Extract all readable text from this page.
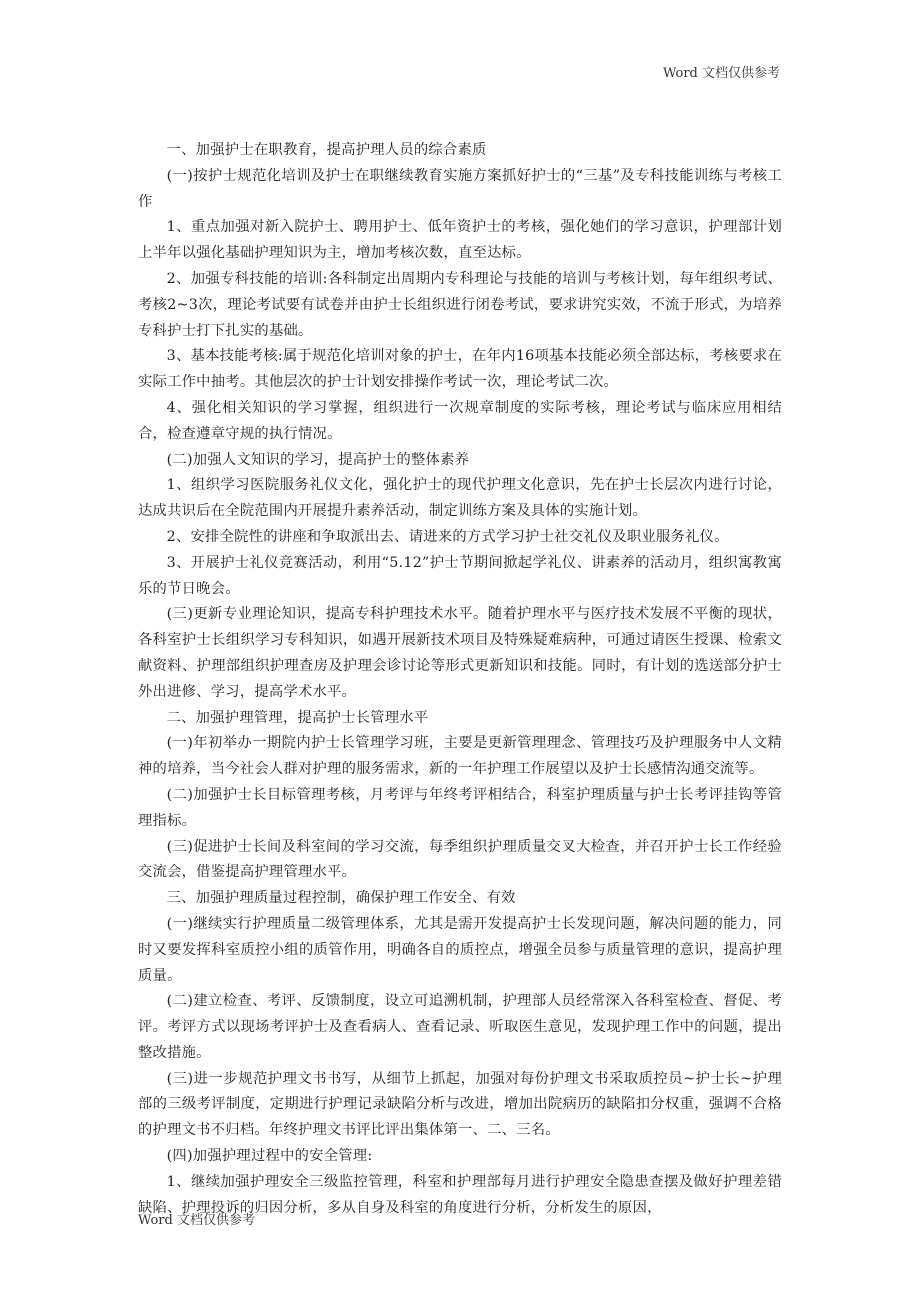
Word 文档仅供参考

一、加强护士在职教育，提高护理人员的综合素质

(一)按护士规范化培训及护士在职继续教育实施方案抓好护士的“三基”及专科技能训练与考核工作

1、重点加强对新入院护士、聘用护士、低年资护士的考核，强化她们的学习意识，护理部计划上半年以强化基础护理知识为主，增加考核次数，直至达标。

2、加强专科技能的培训:各科制定出周期内专科理论与技能的培训与考核计划，每年组织考试、考核2~3次，理论考试要有试卷并由护士长组织进行闭卷考试，要求讲究实效，不流于形式，为培养专科护士打下扎实的基础。

3、基本技能考核:属于规范化培训对象的护士，在年内16项基本技能必须全部达标，考核要求在实际工作中抽考。其他层次的护士计划安排操作考试一次，理论考试二次。

4、强化相关知识的学习掌握，组织进行一次规章制度的实际考核，理论考试与临床应用相结合，检查遵章守规的执行情况。

(二)加强人文知识的学习，提高护士的整体素养

1、组织学习医院服务礼仪文化，强化护士的现代护理文化意识，先在护士长层次内进行讨论，达成共识后在全院范围内开展提升素养活动，制定训练方案及具体的实施计划。

2、安排全院性的讲座和争取派出去、请进来的方式学习护士社交礼仪及职业服务礼仪。

3、开展护士礼仪竞赛活动，利用“5.12”护士节期间掀起学礼仪、讲素养的活动月，组织寓教寓乐的节日晚会。

(三)更新专业理论知识，提高专科护理技术水平。随着护理水平与医疗技术发展不平衡的现状，各科室护士长组织学习专科知识，如遇开展新技术项目及特殊疑难病种，可通过请医生授课、检索文献资料、护理部组织护理查房及护理会诊讨论等形式更新知识和技能。同时，有计划的选送部分护士外出进修、学习，提高学术水平。

二、加强护理管理，提高护士长管理水平

(一)年初举办一期院内护士长管理学习班，主要是更新管理理念、管理技巧及护理服务中人文精神的培养，当今社会人群对护理的服务需求，新的一年护理工作展望以及护士长感情沟通交流等。

(二)加强护士长目标管理考核，月考评与年终考评相结合，科室护理质量与护士长考评挂钩等管理指标。

(三)促进护士长间及科室间的学习交流，每季组织护理质量交叉大检查，并召开护士长工作经验交流会，借鉴提高护理管理水平。

三、加强护理质量过程控制，确保护理工作安全、有效

(一)继续实行护理质量二级管理体系，尤其是需开发提高护士长发现问题，解决问题的能力，同时又要发挥科室质控小组的质管作用，明确各自的质控点，增强全员参与质量管理的意识，提高护理质量。

(二)建立检查、考评、反馈制度，设立可追溯机制，护理部人员经常深入各科室检查、督促、考评。考评方式以现场考评护士及查看病人、查看记录、听取医生意见，发现护理工作中的问题，提出整改措施。

(三)进一步规范护理文书书写，从细节上抓起，加强对每份护理文书采取质控员~护士长~护理部的三级考评制度，定期进行护理记录缺陷分析与改进，增加出院病历的缺陷扣分权重，强调不合格的护理文书不归档。年终护理文书评比评出集体第一、二、三名。

(四)加强护理过程中的安全管理:

1、继续加强护理安全三级监控管理，科室和护理部每月进行护理安全隐患查摆及做好护理差错缺陷、护理投诉的归因分析，多从自身及科室的角度进行分析，分析发生的原因，

Word 文档仅供参考
